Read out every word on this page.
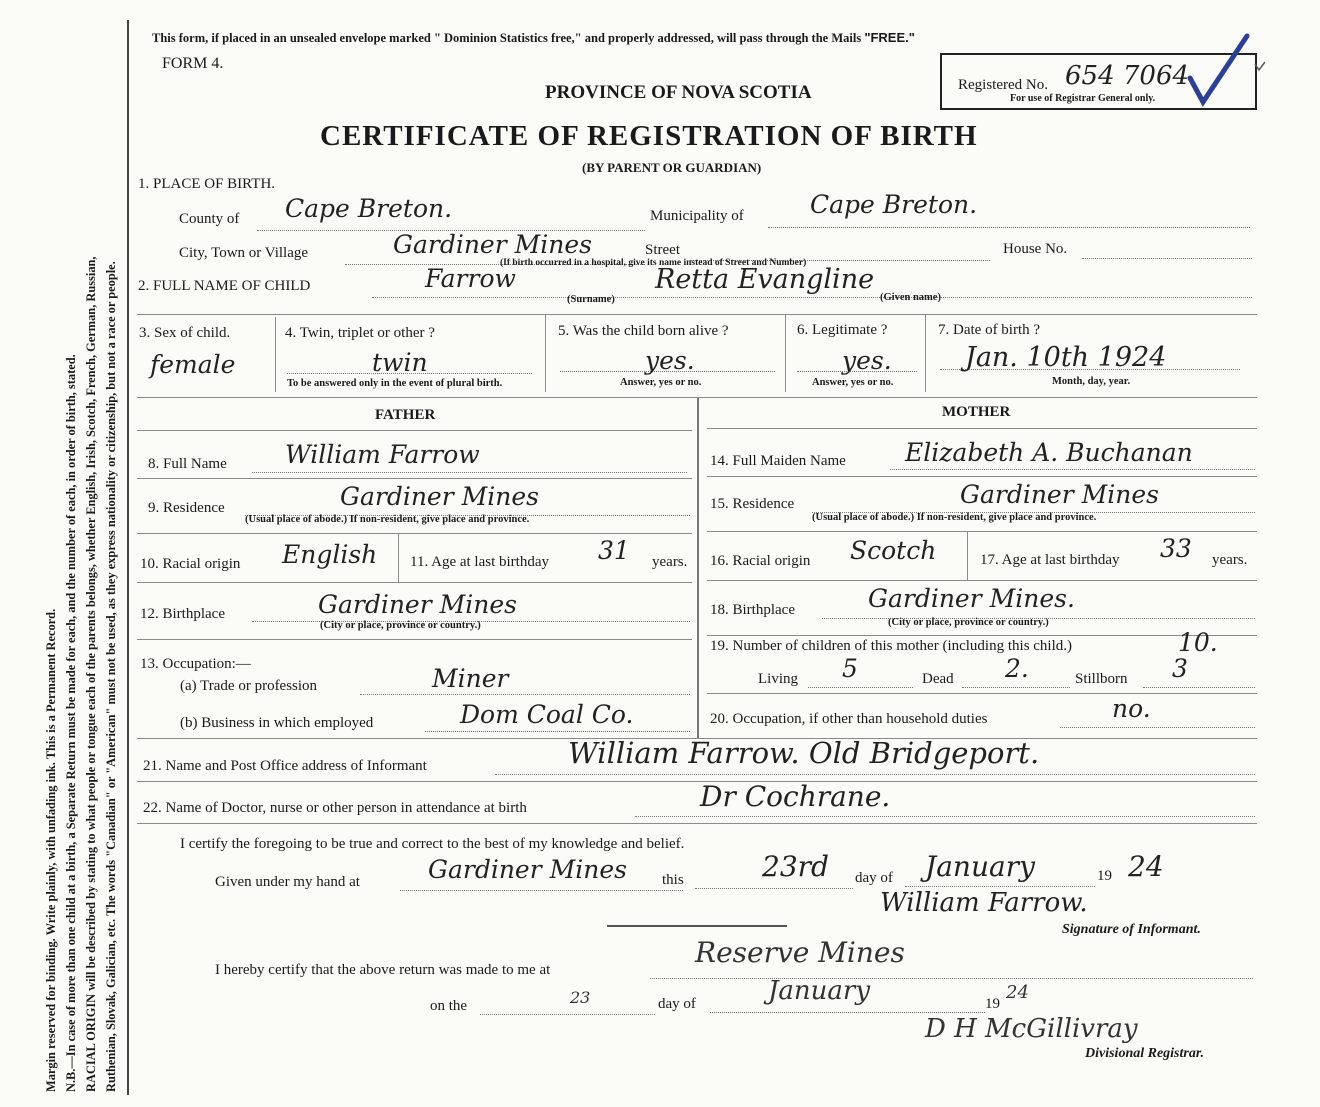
Margin reserved for binding. Write plainly, with unfading ink. This is a Permanent Record. N.B.—In case of more than one child at a birth, a Separate Return must be made for each, and the number of each, in order of birth, stated. RACIAL ORIGIN will be described by stating to what people or tongue each of the parents belongs, whether English, Irish, Scotch, French, German, Russian, Ruthenian, Slovak, Galician, etc. The words "Canadian" or "American" must not be used, as they express nationality or citizenship, but not a race or people.
This form, if placed in an unsealed envelope marked " Dominion Statistics free," and properly addressed, will pass through the Mails "FREE."
FORM 4.
PROVINCE OF NOVA SCOTIA
CERTIFICATE OF REGISTRATION OF BIRTH
(BY PARENT OR GUARDIAN)
Registered No. 654 7064
For use of Registrar General only.
1. PLACE OF BIRTH.
County of Cape Breton.	Municipality of	Cape Breton.
City, Town or Village	Gardiner Mines	Street
(If birth occurred in a hospital, give its name instead of Street and Number)
House No.
2. FULL NAME OF CHILD	Farrow
(Surname)
Retta Evangline
(Given name)
3. Sex of child.
female
4. Twin, triplet or other ?
twin
To be answered only in the event of plural birth.
5. Was the child born alive ?
yes.
Answer, yes or no.
6. Legitimate ?
yes.
Answer, yes or no.
7. Date of birth ?
Jan. 10th 1924
Month, day, year.
FATHER	MOTHER
8. Full Name William Farrow
9. Residence	Gardiner Mines
(Usual place of abode.) If non-resident, give place and province.
10. Racial origin English 11. Age at last birthday 31 years.
12. Birthplace	Gardiner Mines
(City or place, province or country.)
13. Occupation:—
(a) Trade or profession	Miner
(b) Business in which employed	Dom Coal Co.
14. Full Maiden Name Elizabeth A. Buchanan
15. Residence	Gardiner Mines
(Usual place of abode.) If non-resident, give place and province.
16. Racial origin Scotch	17. Age at last birthday 33 years.
18. Birthplace	Gardiner Mines.
(City or place, province or country.)
19. Number of children of this mother (including this child.)	10.
Living 5	Dead 2.	Stillborn 3
20. Occupation, if other than household duties	no.
21. Name and Post Office address of Informant	William Farrow. Old Bridgeport.
22. Name of Doctor, nurse or other person in attendance at birth	Dr Cochrane.
I certify the foregoing to be true and correct to the best of my knowledge and belief.
Given under my hand at	Gardiner Mines this	23rd day of January	19 24
William Farrow.
Signature of Informant.
I hereby certify that the above return was made to me at
Reserve Mines
on the	23	day of	January	19
24
D H McGillivray
Divisional Registrar.
